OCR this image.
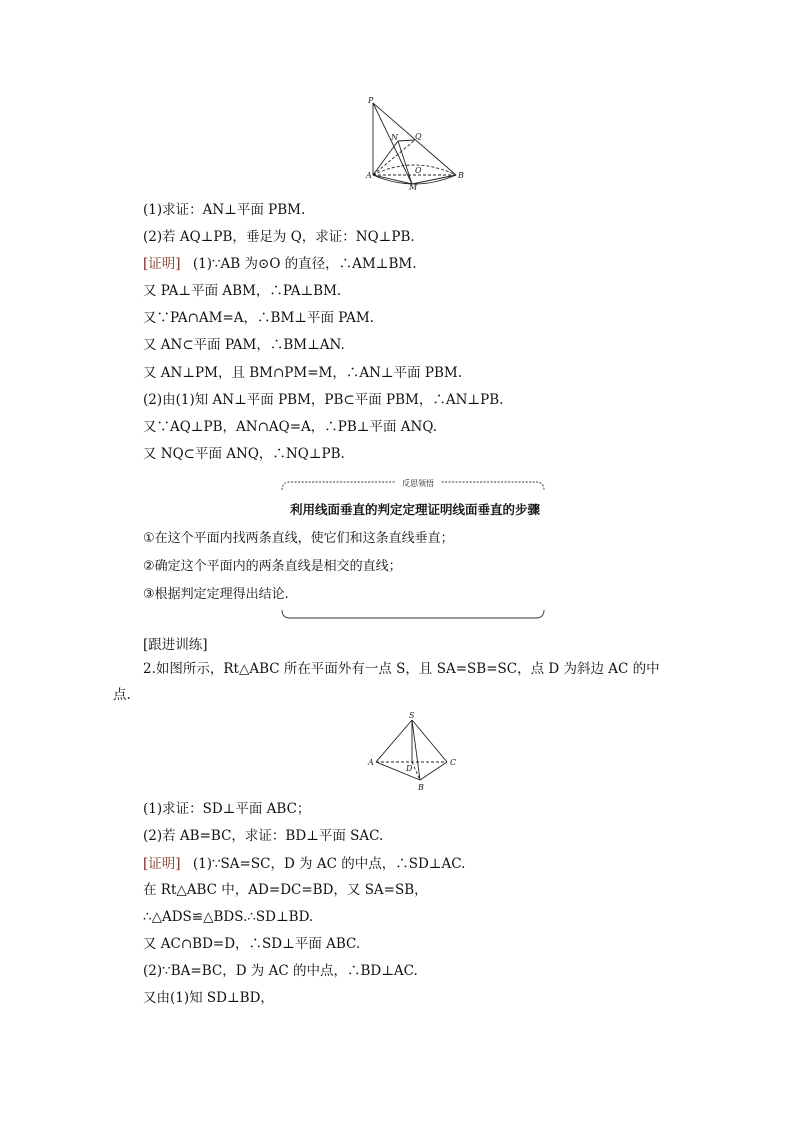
P
N Q
O
A	B
M
(1)求证：AN⊥平面 PBM.
(2)若 AQ⊥PB，垂足为 Q，求证：NQ⊥PB.
[证明] (1)∵AB 为⊙O 的直径，∴AM⊥BM.
又 PA⊥平面 ABM，∴PA⊥BM.
又∵PA∩AM=A，∴BM⊥平面 PAM.
又 AN⊂平面 PAM，∴BM⊥AN.
又 AN⊥PM，且 BM∩PM=M，∴AN⊥平面 PBM.
(2)由(1)知 AN⊥平面 PBM，PB⊂平面 PBM，∴AN⊥PB.
又∵AQ⊥PB，AN∩AQ=A，∴PB⊥平面 ANQ.
又 NQ⊂平面 ANQ，∴NQ⊥PB.
反思领悟
利用线面垂直的判定定理证明线面垂直的步骤
①在这个平面内找两条直线，使它们和这条直线垂直；
②确定这个平面内的两条直线是相交的直线；
③根据判定定理得出结论.
[跟进训练]
2.如图所示，Rt△ABC 所在平面外有一点 S，且 SA=SB=SC，点 D 为斜边 AC 的中
点.
S
A
D
C
B
(1)求证：SD⊥平面 ABC；
(2)若 AB=BC，求证：BD⊥平面 SAC.
[证明] (1)∵SA=SC，D 为 AC 的中点，∴SD⊥AC.
在 Rt△ABC 中，AD=DC=BD，又 SA=SB，
∴△ADS≌△BDS.∴SD⊥BD.
又 AC∩BD=D，∴SD⊥平面 ABC.
(2)∵BA=BC，D 为 AC 的中点，∴BD⊥AC.
又由(1)知 SD⊥BD，
